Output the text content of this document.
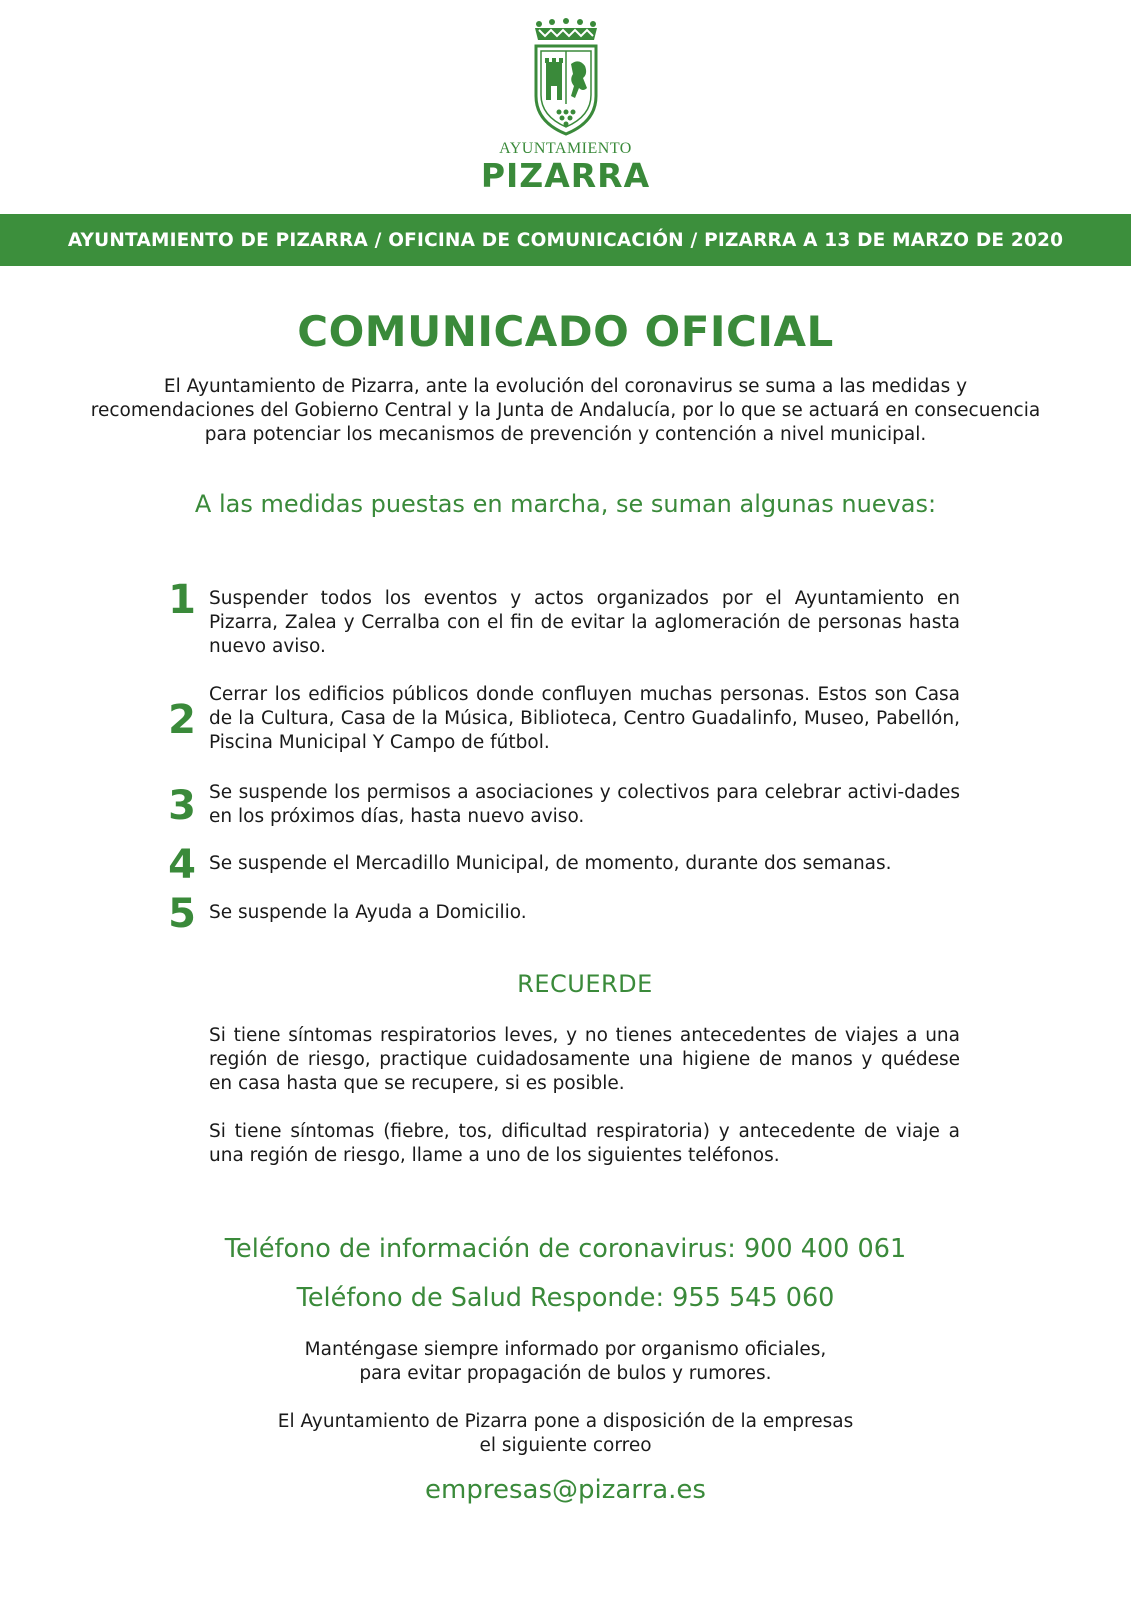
AYUNTAMIENTO
PIZARRA
AYUNTAMIENTO DE PIZARRA / OFICINA DE COMUNICACIÓN / PIZARRA A 13 DE MARZO DE 2020
COMUNICADO OFICIAL
El Ayuntamiento de Pizarra, ante la evolución del coronavirus se suma a las medidas y recomendaciones del Gobierno Central y la Junta de Andalucía, por lo que se actuará en consecuencia para potenciar los mecanismos de prevención y contención a nivel municipal.
A las medidas puestas en marcha, se suman algunas nuevas:
1 Suspender todos los eventos y actos organizados por el Ayuntamiento en Pizarra, Zalea y Cerralba con el fin de evitar la aglomeración de personas hasta nuevo aviso.
2
Cerrar los edificios públicos donde confluyen muchas personas. Estos son Casa de la Cultura, Casa de la Música, Biblioteca, Centro Guadalinfo, Museo, Pabellón, Piscina Municipal Y Campo de fútbol.
3 Se suspende los permisos a asociaciones y colectivos para celebrar activi-dades en los próximos días, hasta nuevo aviso.
4 Se suspende el Mercadillo Municipal, de momento, durante dos semanas.
5 Se suspende la Ayuda a Domicilio.
RECUERDE
Si tiene síntomas respiratorios leves, y no tienes antecedentes de viajes a una región de riesgo, practique cuidadosamente una higiene de manos y quédese en casa hasta que se recupere, si es posible.
Si tiene síntomas (fiebre, tos, dificultad respiratoria) y antecedente de viaje a una región de riesgo, llame a uno de los siguientes teléfonos.
Teléfono de información de coronavirus: 900 400 061
Teléfono de Salud Responde: 955 545 060
Manténgase siempre informado por organismo oficiales,
para evitar propagación de bulos y rumores.
El Ayuntamiento de Pizarra pone a disposición de la empresas
el siguiente correo
empresas@pizarra.es
